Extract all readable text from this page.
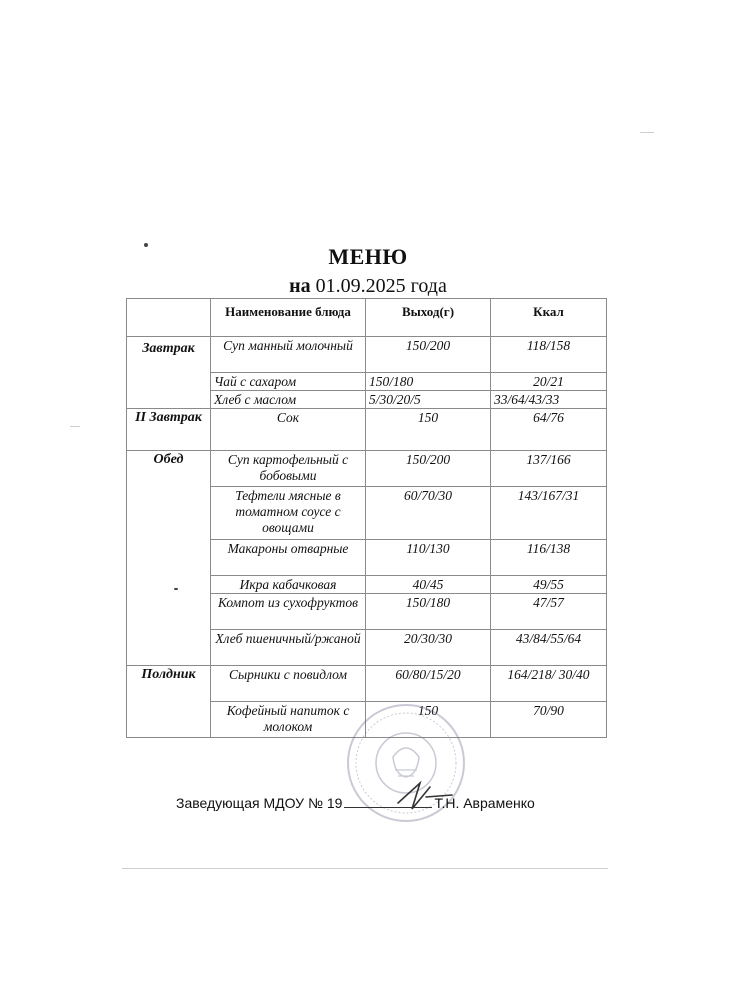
МЕНЮ
на 01.09.2025 года
	Наименование блюда	Выход(г)	Ккал
Завтрак	Суп манный молочный	150/200	118/158
	Чай с сахаром	150/180	20/21
	Хлеб с маслом	5/30/20/5	33/64/43/33
II Завтрак	Сок	150	64/76
Обед	Суп картофельный с бобовыми	150/200	137/166
	Тефтели мясные в томатном соусе с овощами	60/70/30	143/167/31
	Макароны отварные	110/130	116/138
	Икра кабачковая	40/45	49/55
	Компот из сухофруктов	150/180	47/57
	Хлеб пшеничный/ржаной	20/30/30	43/84/55/64
Полдник	Сырники с повидлом	60/80/15/20	164/218/ 30/40
	Кофейный напиток с молоком	150	70/90
Заведующая МДОУ № 19	Т.Н. Авраменко
